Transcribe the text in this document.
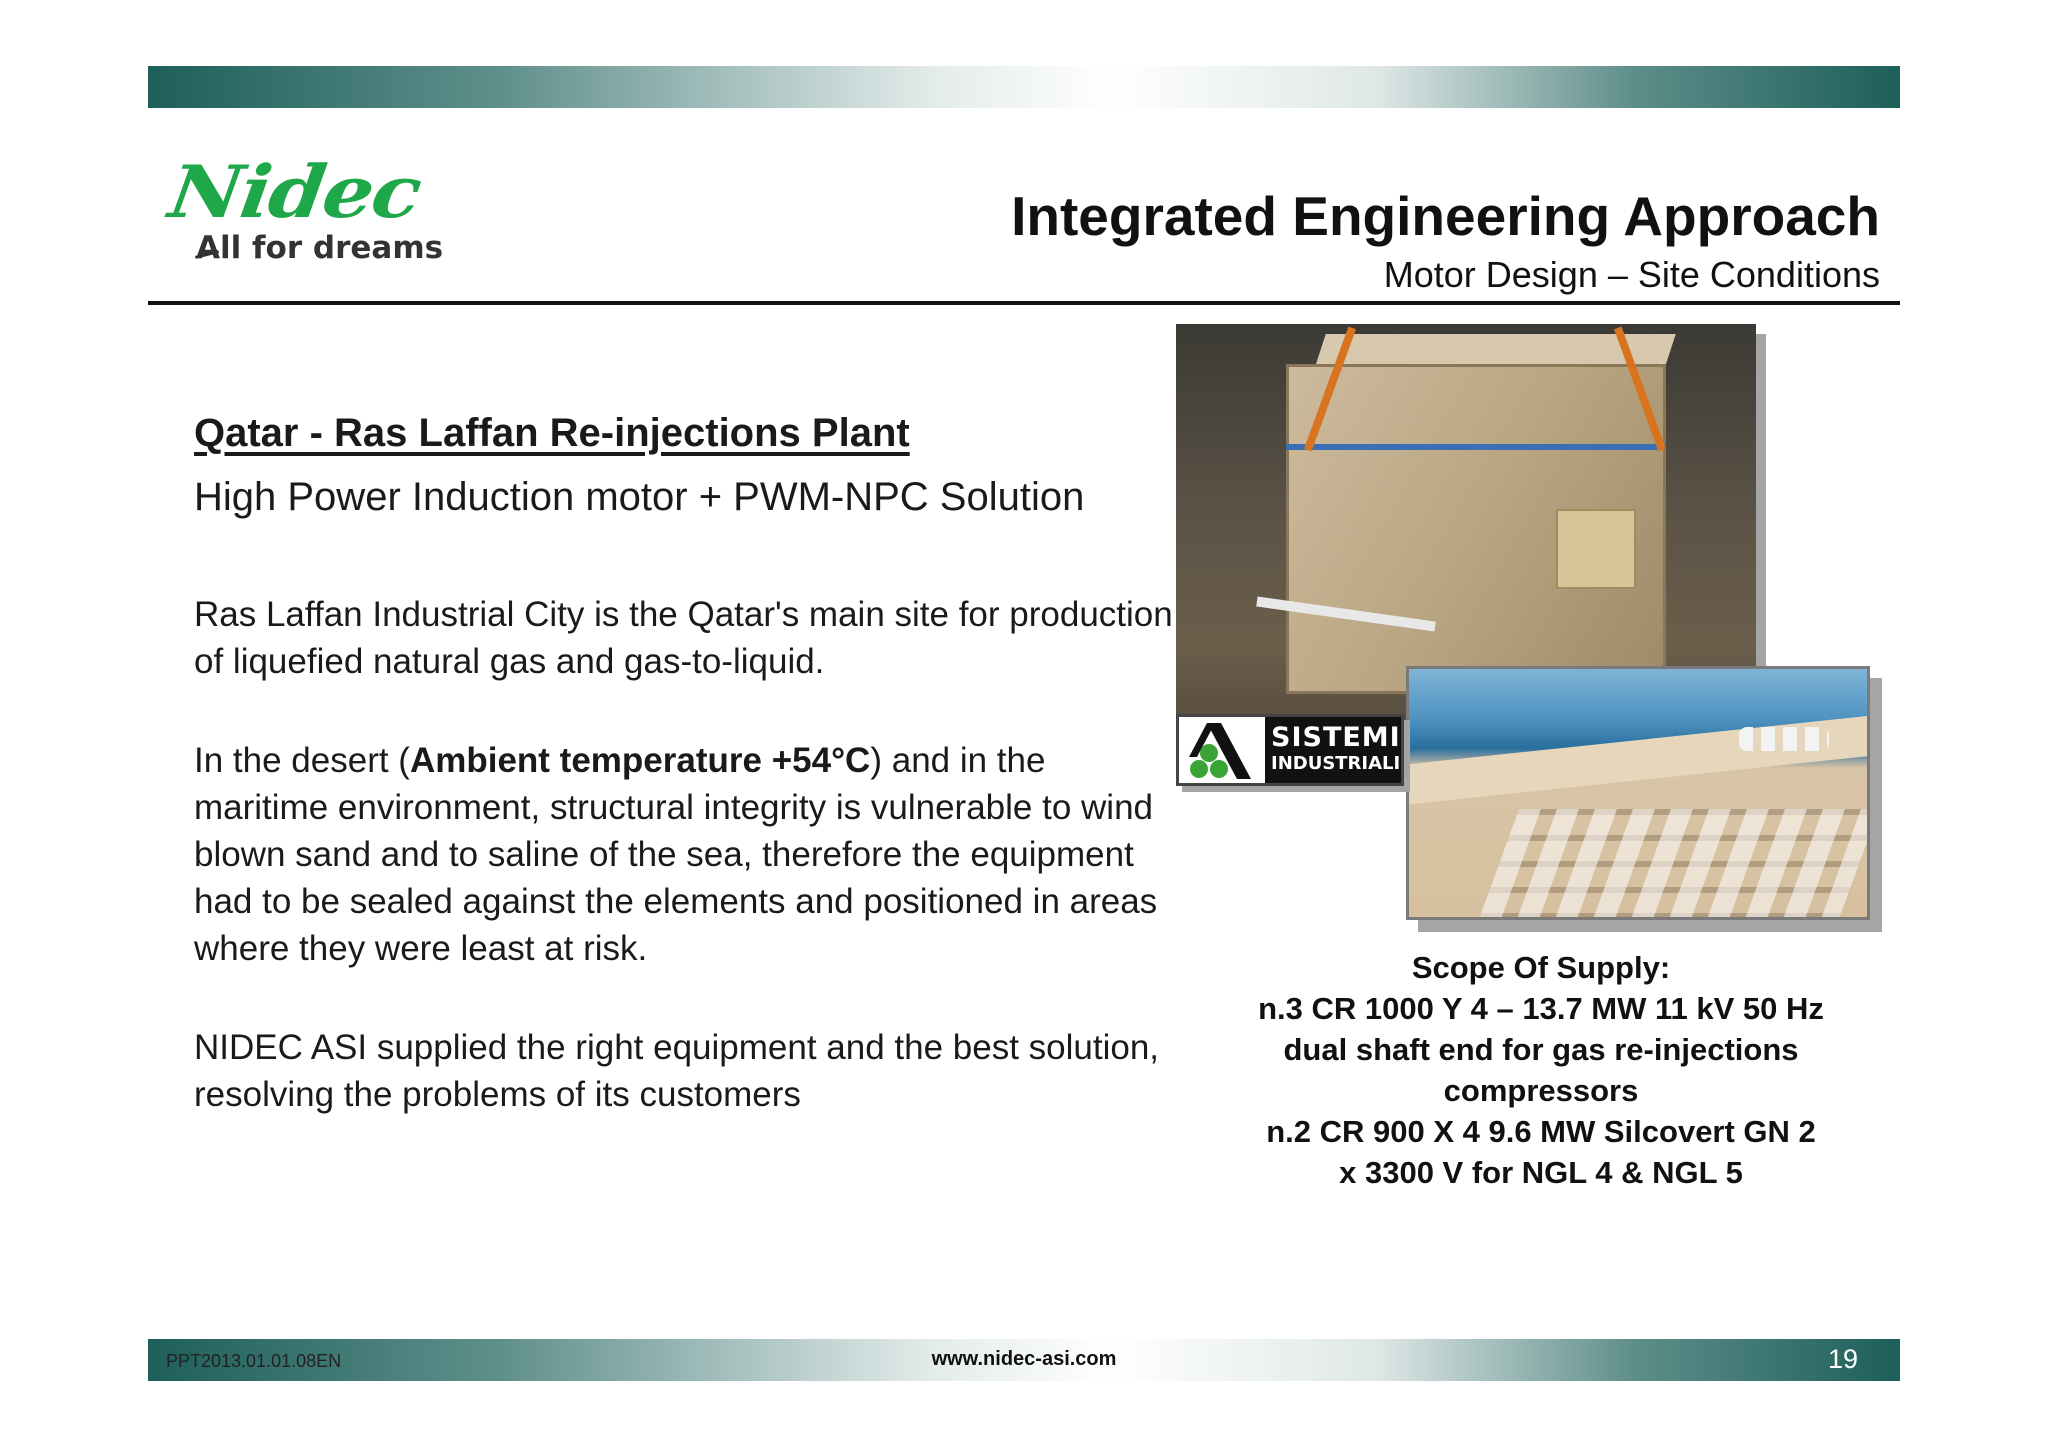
Nidec
All for dreams
Integrated Engineering Approach
Motor Design – Site Conditions
Qatar - Ras Laffan Re-injections Plant
High Power Induction motor + PWM-NPC Solution

Ras Laffan Industrial City is the Qatar's main site for production of liquefied natural gas and gas-to-liquid.

In the desert (Ambient temperature +54°C) and in the maritime environment, structural integrity is vulnerable to wind blown sand and to saline of the sea, therefore the equipment had to be sealed against the elements and positioned in areas where they were least at risk.

NIDEC ASI supplied the right equipment and the best solution, resolving the problems of its customers

SISTEMI
INDUSTRIALI
Scope Of Supply:
n.3 CR 1000 Y 4 – 13.7 MW 11 kV 50 Hz
dual shaft end for gas re-injections
compressors
n.2 CR 900 X 4 9.6 MW Silcovert GN 2
x 3300 V for NGL 4 & NGL 5
PPT2013.01.01.08EN	www.nidec-asi.com	19
